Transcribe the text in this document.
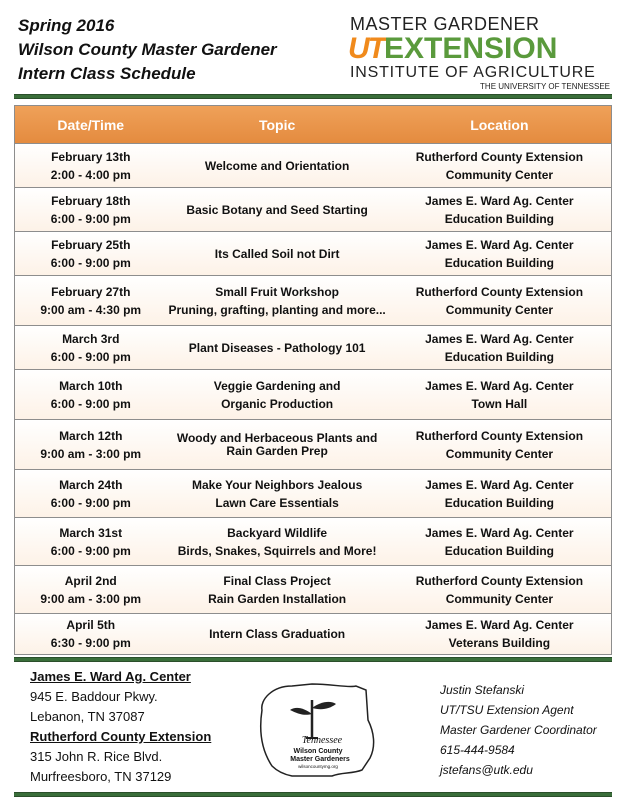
Spring 2016
Wilson County Master Gardener
Intern Class Schedule
MASTER GARDENER
UT EXTENSION
INSTITUTE OF AGRICULTURE
THE UNIVERSITY OF TENNESSEE
Date/Time	Topic	Location
February 13th
2:00 - 4:00 pm
Welcome and Orientation
Rutherford County Extension
Community Center
February 18th
6:00 - 9:00 pm
Basic Botany and Seed Starting
James E. Ward Ag. Center
Education Building
February 25th
6:00 - 9:00 pm
Its Called Soil not Dirt
James E. Ward Ag. Center
Education Building
February 27th
9:00 am - 4:30 pm
Small Fruit Workshop
Pruning, grafting, planting and more...
Rutherford County Extension
Community Center
March 3rd
6:00 - 9:00 pm
Plant Diseases - Pathology 101
James E. Ward Ag. Center
Education Building
March 10th
6:00 - 9:00 pm
Veggie Gardening and
Organic Production
James E. Ward Ag. Center
Town Hall
March 12th
9:00 am - 3:00 pm
Woody and Herbaceous Plants and
Rain Garden Prep
Rutherford County Extension
Community Center
March 24th
6:00 - 9:00 pm
Make Your Neighbors Jealous
Lawn Care Essentials
James E. Ward Ag. Center
Education Building
March 31st
6:00 - 9:00 pm
Backyard Wildlife
Birds, Snakes, Squirrels and More!
James E. Ward Ag. Center
Education Building
April 2nd
9:00 am - 3:00 pm
Final Class Project
Rain Garden Installation
Rutherford County Extension
Community Center
April 5th
6:30 - 9:00 pm
Intern Class Graduation
James E. Ward Ag. Center
Veterans Building
James E. Ward Ag. Center
945 E. Baddour Pkwy.
Lebanon, TN 37087
Rutherford County Extension
315 John R. Rice Blvd.
Murfreesboro, TN 37129
Tennessee
Wilson County
Master Gardeners
wilsoncountymg.org
Justin Stefanski
UT/TSU Extension Agent
Master Gardener Coordinator
615-444-9584
jstefans@utk.edu
